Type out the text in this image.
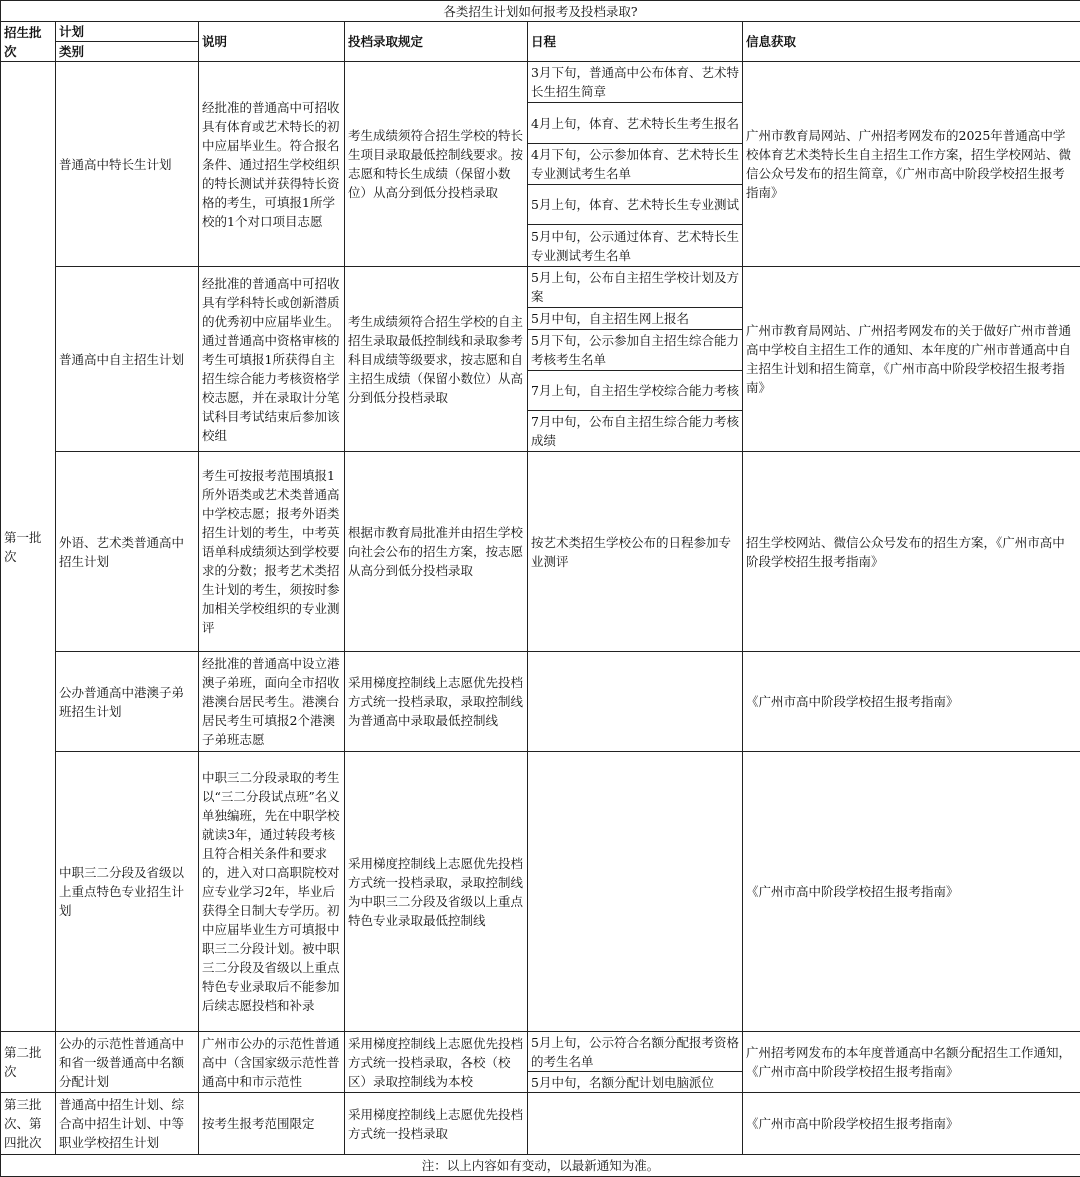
各类招生计划如何报考及投档录取?					
招生批次	计划	说明	投档录取规定	日程	信息获取
	类别				
第一批次	普通高中特长生计划	经批准的普通高中可招收具有体育或艺术特长的初中应届毕业生。符合报名条件、通过招生学校组织的特长测试并获得特长资格的考生，可填报1所学校的1个对口项目志愿	考生成绩须符合招生学校的特长生项目录取最低控制线要求。按志愿和特长生成绩（保留小数位）从高分到低分投档录取	3月下旬，普通高中公布体育、艺术特长生招生简章
4月上旬，体育、艺术特长生考生报名
4月下旬，公示参加体育、艺术特长生专业测试考生名单
5月上旬，体育、艺术特长生专业测试
5月中旬，公示通过体育、艺术特长生专业测试考生名单	广州市教育局网站、广州招考网发布的2025年普通高中学校体育艺术类特长生自主招生工作方案，招生学校网站、微信公众号发布的招生简章，《广州市高中阶段学校招生报考指南》
	普通高中自主招生计划	经批准的普通高中可招收具有学科特长或创新潜质的优秀初中应届毕业生。通过普通高中资格审核的考生可填报1所获得自主招生综合能力考核资格学校志愿，并在录取计分笔试科目考试结束后参加该校组	考生成绩须符合招生学校的自主招生录取最低控制线和录取参考科目成绩等级要求，按志愿和自主招生成绩（保留小数位）从高分到低分投档录取	5月上旬，公布自主招生学校计划及方案
5月中旬，自主招生网上报名
5月下旬，公示参加自主招生综合能力考核考生名单
7月上旬，自主招生学校综合能力考核
7月中旬，公布自主招生综合能力考核成绩	广州市教育局网站、广州招考网发布的关于做好广州市普通高中学校自主招生工作的通知、本年度的广州市普通高中自主招生计划和招生简章，《广州市高中阶段学校招生报考指南》
	外语、艺术类普通高中招生计划	考生可按报考范围填报1所外语类或艺术类普通高中学校志愿；报考外语类招生计划的考生，中考英语单科成绩须达到学校要求的分数；报考艺术类招生计划的考生，须按时参加相关学校组织的专业测评	根据市教育局批准并由招生学校向社会公布的招生方案，按志愿从高分到低分投档录取	按艺术类招生学校公布的日程参加专业测评	招生学校网站、微信公众号发布的招生方案，《广州市高中阶段学校招生报考指南》
	公办普通高中港澳子弟班招生计划	经批准的普通高中设立港澳子弟班，面向全市招收港澳台居民考生。港澳台居民考生可填报2个港澳子弟班志愿	采用梯度控制线上志愿优先投档方式统一投档录取，录取控制线为普通高中录取最低控制线		《广州市高中阶段学校招生报考指南》
	中职三二分段及省级以上重点特色专业招生计划	中职三二分段录取的考生以“三二分段试点班”名义单独编班，先在中职学校就读3年，通过转段考核且符合相关条件和要求的，进入对口高职院校对应专业学习2年，毕业后获得全日制大专学历。初中应届毕业生方可填报中职三二分段计划。被中职三二分段及省级以上重点特色专业录取后不能参加后续志愿投档和补录	采用梯度控制线上志愿优先投档方式统一投档录取，录取控制线为中职三二分段及省级以上重点特色专业录取最低控制线		《广州市高中阶段学校招生报考指南》
第二批次	公办的示范性普通高中和省一级普通高中名额分配计划	广州市公办的示范性普通高中（含国家级示范性普通高中和市示范性	采用梯度控制线上志愿优先投档方式统一投档录取，各校（校区）录取控制线为本校	5月上旬，公示符合名额分配报考资格的考生名单
5月中旬，名额分配计划电脑派位	广州招考网发布的本年度普通高中名额分配招生工作通知，《广州市高中阶段学校招生报考指南》
第三批次、第四批次	普通高中招生计划、综合高中招生计划、中等职业学校招生计划	按考生报考范围限定	采用梯度控制线上志愿优先投档方式统一投档录取		《广州市高中阶段学校招生报考指南》
注：以上内容如有变动，以最新通知为准。					
